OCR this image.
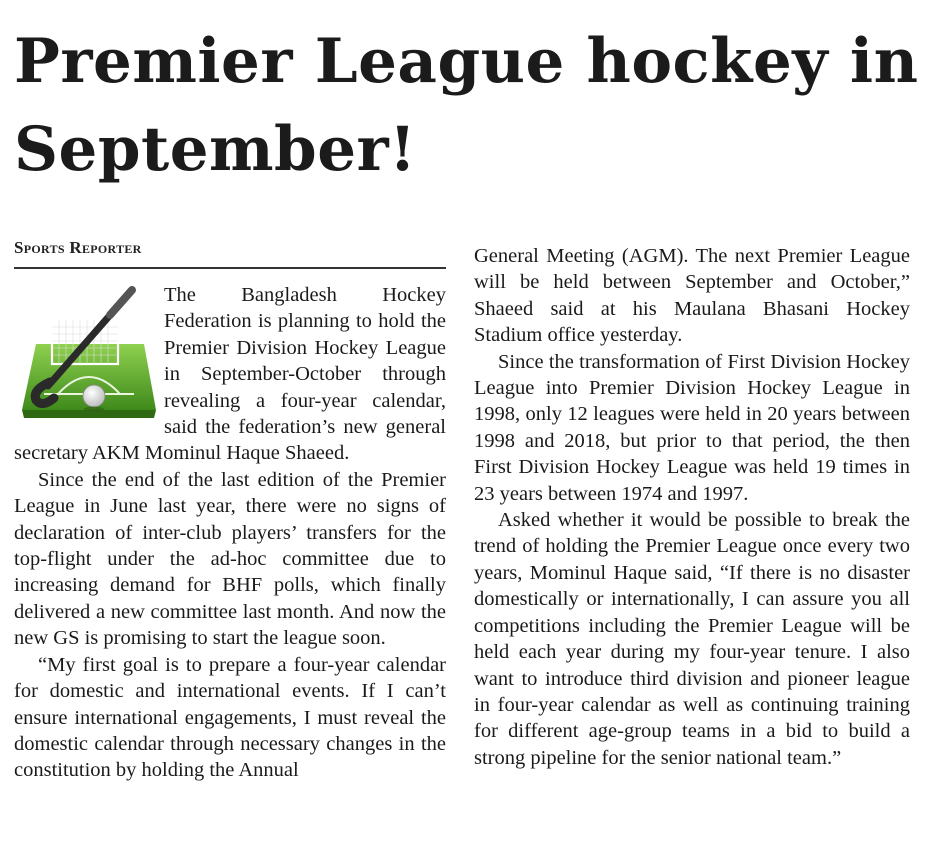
Premier League hockey in September!
Sports Reporter

The Bangladesh Hockey Federation is planning to hold the Premier Division Hockey League in September-October through revealing a four-year calendar, said the federation’s new general secretary AKM Mominul Haque Shaeed.

Since the end of the last edition of the Premier League in June last year, there were no signs of declaration of inter-club players’ transfers for the top-flight under the ad-hoc committee due to increasing demand for BHF polls, which finally delivered a new committee last month. And now the new GS is promising to start the league soon.

“My first goal is to prepare a four-year calendar for domestic and international events. If I can’t ensure international engagements, I must reveal the domestic calendar through necessary changes in the constitution by holding the Annual

General Meeting (AGM). The next Premier League will be held between September and October,” Shaeed said at his Maulana Bhasani Hockey Stadium office yesterday.

Since the transformation of First Division Hockey League into Premier Division Hockey League in 1998, only 12 leagues were held in 20 years between 1998 and 2018, but prior to that period, the then First Division Hockey League was held 19 times in 23 years between 1974 and 1997.

Asked whether it would be possible to break the trend of holding the Premier League once every two years, Mominul Haque said, “If there is no disaster domestically or internationally, I can assure you all competitions including the Premier League will be held each year during my four-year tenure. I also want to introduce third division and pioneer league in four-year calendar as well as continuing training for different age-group teams in a bid to build a strong pipeline for the senior national team.”
